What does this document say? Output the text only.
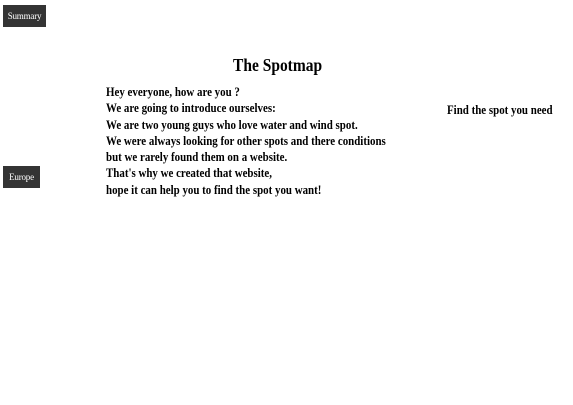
Summary
Europe
The Spotmap
Hey everyone, how are you ?
We are going to introduce ourselves:
We are two young guys who love water and wind spot.
We were always looking for other spots and there conditions
but we rarely found them on a website.
That's why we created that website,
hope it can help you to find the spot you want!
Find the spot you need
